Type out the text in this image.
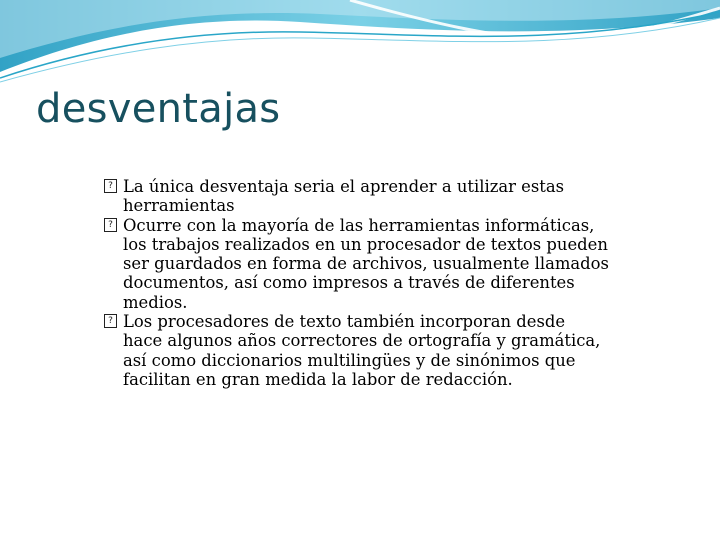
desventajas
? La única desventaja seria el aprender a utilizar estas herramientas
? Ocurre con la mayoría de las herramientas informáticas, los trabajos realizados en un procesador de textos pueden ser guardados en forma de archivos, usualmente llamados documentos, así como impresos a través de diferentes medios.
? Los procesadores de texto también incorporan desde hace algunos años correctores de ortografía y gramática, así como diccionarios multilingües y de sinónimos que facilitan en gran medida la labor de redacción.
